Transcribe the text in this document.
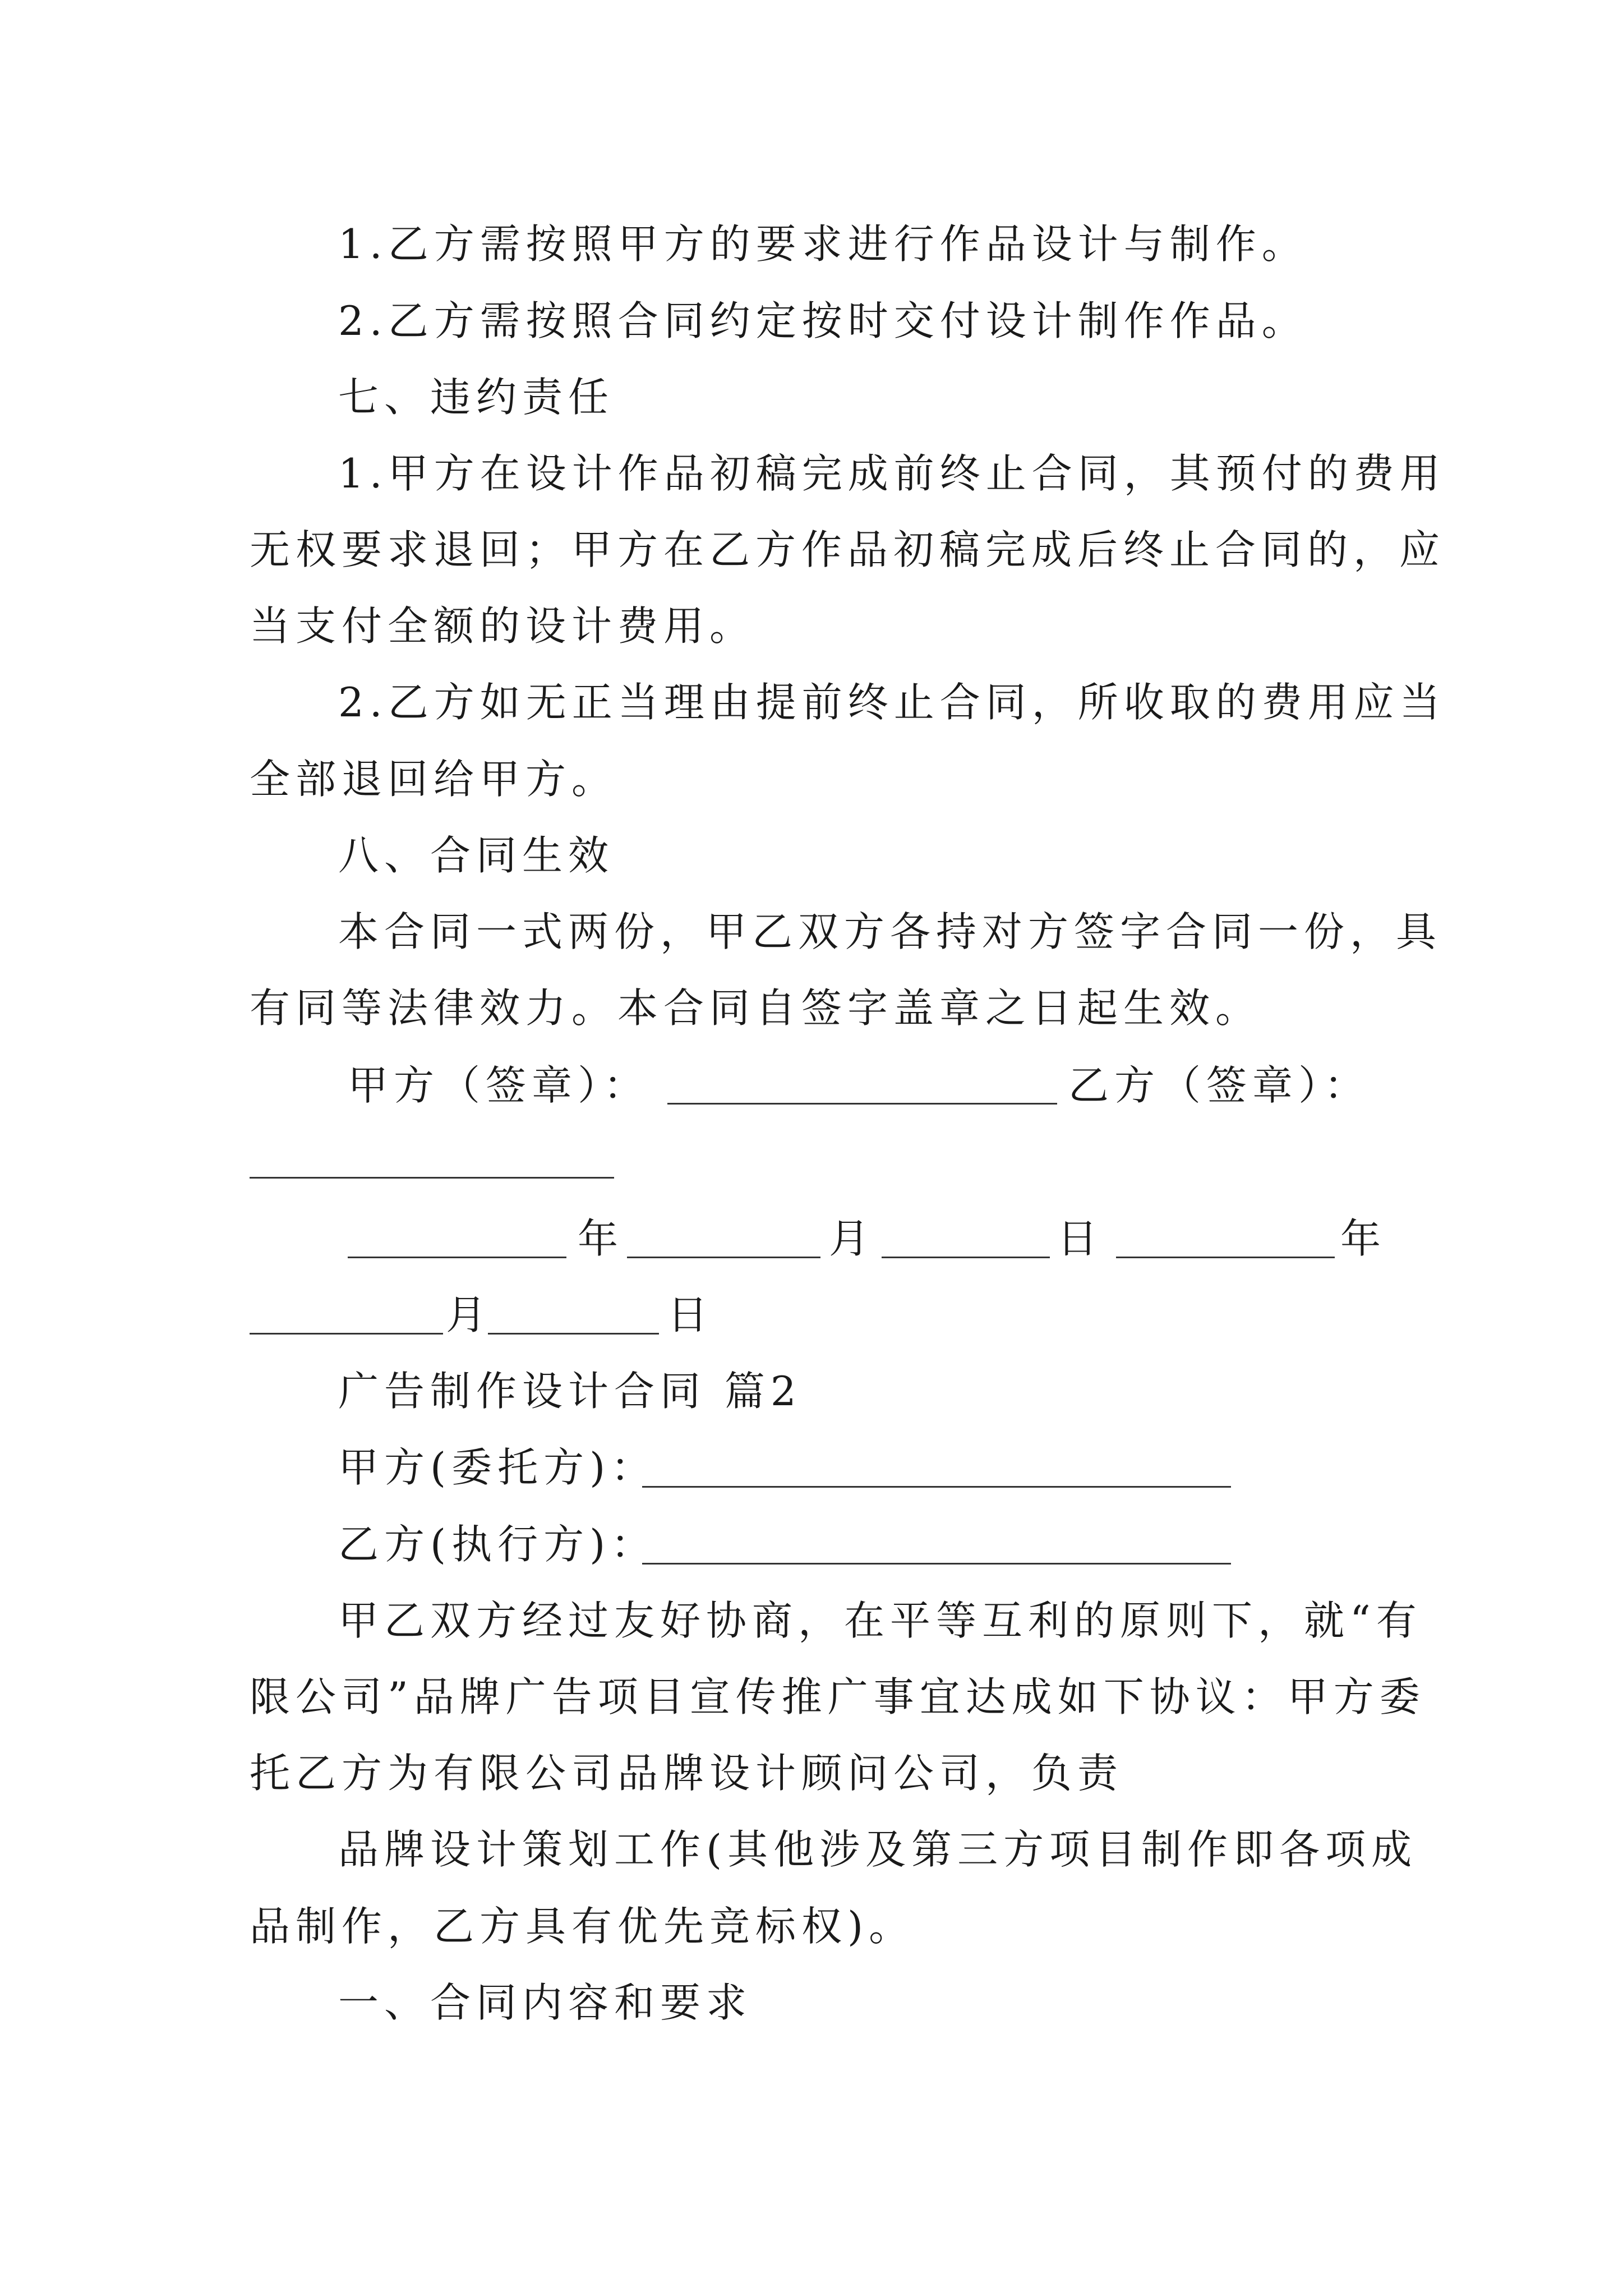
1.乙方需按照甲方的要求进行作品设计与制作。
2.乙方需按照合同约定按时交付设计制作作品。
七、违约责任
1.甲方在设计作品初稿完成前终止合同，其预付的费用
无权要求退回；甲方在乙方作品初稿完成后终止合同的，应
当支付全额的设计费用。
2.乙方如无正当理由提前终止合同，所收取的费用应当
全部退回给甲方。
八、合同生效
本合同一式两份，甲乙双方各持对方签字合同一份，具
有同等法律效力。本合同自签字盖章之日起生效。
甲方（签章）：	乙方（签章）：
年	月	日	年
月	日
广告制作设计合同 篇2
甲方(委托方)：
乙方(执行方)：
甲乙双方经过友好协商，在平等互利的原则下，就“有
限公司”品牌广告项目宣传推广事宜达成如下协议：甲方委
托乙方为有限公司品牌设计顾问公司，负责
品牌设计策划工作(其他涉及第三方项目制作即各项成
品制作，乙方具有优先竞标权)。
一、合同内容和要求
